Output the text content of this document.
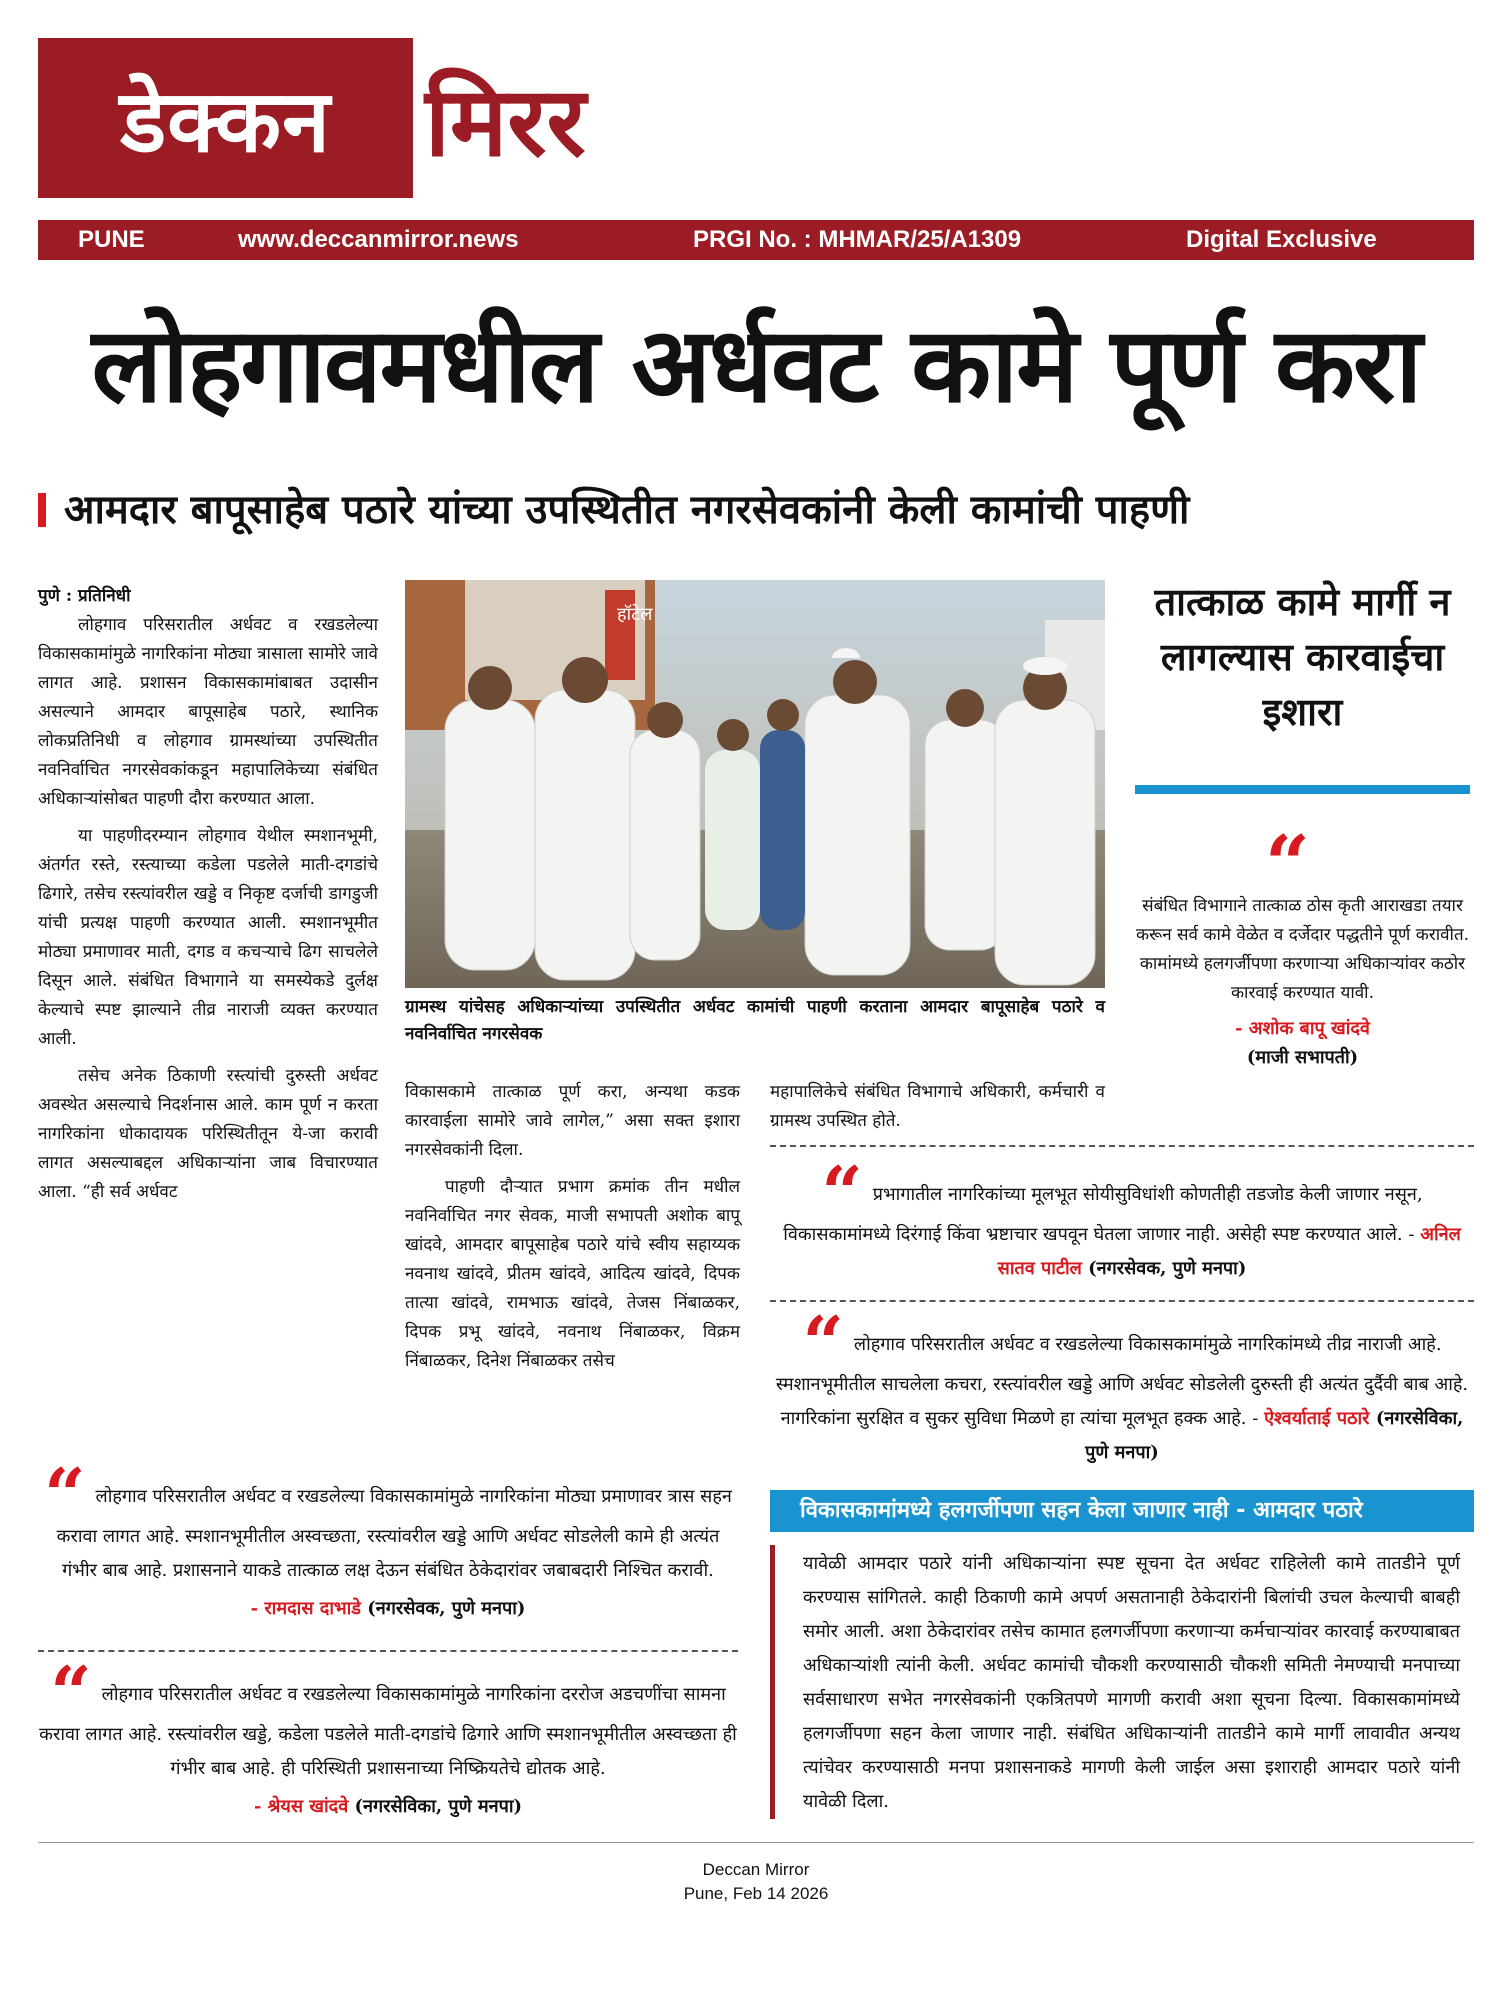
डेक्कन मिरर
PUNE	www.deccanmirror.news	PRGI No. : MHMAR/25/A1309	Digital Exclusive
लोहगावमधील अर्धवट कामे पूर्ण करा
आमदार बापूसाहेब पठारे यांच्या उपस्थितीत नगरसेवकांनी केली कामांची पाहणी
पुणे : प्रतिनिधी

लोहगाव परिसरातील अर्धवट व रखडलेल्या विकासकामांमुळे नागरिकांना मोठ्या त्रासाला सामोरे जावे लागत आहे. प्रशासन विकासकामांबाबत उदासीन असल्याने आमदार बापूसाहेब पठारे, स्थानिक लोकप्रतिनिधी व लोहगाव ग्रामस्थांच्या उपस्थितीत नवनिर्वाचित नगरसेवकांकडून महापालिकेच्या संबंधित अधिकाऱ्यांसोबत पाहणी दौरा करण्यात आला.

या पाहणीदरम्यान लोहगाव येथील स्मशानभूमी, अंतर्गत रस्ते, रस्त्याच्या कडेला पडलेले माती-दगडांचे ढिगारे, तसेच रस्त्यांवरील खड्डे व निकृष्ट दर्जाची डागडुजी यांची प्रत्यक्ष पाहणी करण्यात आली. स्मशानभूमीत मोठ्या प्रमाणावर माती, दगड व कचऱ्याचे ढिग साचलेले दिसून आले. संबंधित विभागाने या समस्येकडे दुर्लक्ष केल्याचे स्पष्ट झाल्याने तीव्र नाराजी व्यक्त करण्यात आली.

तसेच अनेक ठिकाणी रस्त्यांची दुरुस्ती अर्धवट अवस्थेत असल्याचे निदर्शनास आले. काम पूर्ण न करता नागरिकांना धोकादायक परिस्थितीतून ये-जा करावी लागत असल्याबद्दल अधिकाऱ्यांना जाब विचारण्यात आला. “ही सर्व अर्धवट

हॉटेल
ग्रामस्थ यांचेसह अधिकाऱ्यांच्या उपस्थितीत अर्धवट कामांची पाहणी करताना आमदार बापूसाहेब पठारे व नवनिर्वाचित नगरसेवक
विकासकामे तात्काळ पूर्ण करा, अन्यथा कडक कारवाईला सामोरे जावे लागेल,” असा सक्त इशारा नगरसेवकांनी दिला.

पाहणी दौऱ्यात प्रभाग क्रमांक तीन मधील नवनिर्वाचित नगर सेवक, माजी सभापती अशोक बापू खांदवे, आमदार बापूसाहेब पठारे यांचे स्वीय सहाय्यक नवनाथ खांदवे, प्रीतम खांदवे, आदित्य खांदवे, दिपक तात्या खांदवे, रामभाऊ खांदवे, तेजस निंबाळकर, दिपक प्रभू खांदवे, नवनाथ निंबाळकर, विक्रम निंबाळकर, दिनेश निंबाळकर तसेच

महापालिकेचे संबंधित विभागाचे अधिकारी, कर्मचारी व ग्रामस्थ उपस्थित होते.
तात्काळ कामे मार्गी न लागल्यास कारवाईचा इशारा
“
संबंधित विभागाने तात्काळ ठोस कृती आराखडा तयार करून सर्व कामे वेळेत व दर्जेदार पद्धतीने पूर्ण करावीत. कामांमध्ये हलगर्जीपणा करणाऱ्या अधिकाऱ्यांवर कठोर कारवाई करण्यात यावी.
- अशोक बापू खांदवे
(माजी सभापती)
“ प्रभागातील नागरिकांच्या मूलभूत सोयीसुविधांशी कोणतीही तडजोड केली जाणार नसून, विकासकामांमध्ये दिरंगाई किंवा भ्रष्टाचार खपवून घेतला जाणार नाही. असेही स्पष्ट करण्यात आले. - अनिल सातव पाटील (नगरसेवक, पुणे मनपा)
“ लोहगाव परिसरातील अर्धवट व रखडलेल्या विकासकामांमुळे नागरिकांमध्ये तीव्र नाराजी आहे. स्मशानभूमीतील साचलेला कचरा, रस्त्यांवरील खड्डे आणि अर्धवट सोडलेली दुरुस्ती ही अत्यंत दुर्दैवी बाब आहे. नागरिकांना सुरक्षित व सुकर सुविधा मिळणे हा त्यांचा मूलभूत हक्क आहे. - ऐश्वर्याताई पठारे (नगरसेविका, पुणे मनपा)
“ लोहगाव परिसरातील अर्धवट व रखडलेल्या विकासकामांमुळे नागरिकांना मोठ्या प्रमाणावर त्रास सहन करावा लागत आहे. स्मशानभूमीतील अस्वच्छता, रस्त्यांवरील खड्डे आणि अर्धवट सोडलेली कामे ही अत्यंत गंभीर बाब आहे. प्रशासनाने याकडे तात्काळ लक्ष देऊन संबंधित ठेकेदारांवर जबाबदारी निश्चित करावी.
- रामदास दाभाडे (नगरसेवक, पुणे मनपा)
“ लोहगाव परिसरातील अर्धवट व रखडलेल्या विकासकामांमुळे नागरिकांना दररोज अडचणींचा सामना करावा लागत आहे. रस्त्यांवरील खड्डे, कडेला पडलेले माती-दगडांचे ढिगारे आणि स्मशानभूमीतील अस्वच्छता ही गंभीर बाब आहे. ही परिस्थिती प्रशासनाच्या निष्क्रियतेचे द्योतक आहे.
- श्रेयस खांदवे (नगरसेविका, पुणे मनपा)
विकासकामांमध्ये हलगर्जीपणा सहन केला जाणार नाही - आमदार पठारे
यावेळी आमदार पठारे यांनी अधिकाऱ्यांना स्पष्ट सूचना देत अर्धवट राहिलेली कामे तातडीने पूर्ण करण्यास सांगितले. काही ठिकाणी कामे अपर्ण असतानाही ठेकेदारांनी बिलांची उचल केल्याची बाबही समोर आली. अशा ठेकेदारांवर तसेच कामात हलगर्जीपणा करणाऱ्या कर्मचाऱ्यांवर कारवाई करण्याबाबत अधिकाऱ्यांशी त्यांनी केली. अर्धवट कामांची चौकशी करण्यासाठी चौकशी समिती नेमण्याची मनपाच्या सर्वसाधारण सभेत नगरसेवकांनी एकत्रितपणे मागणी करावी अशा सूचना दिल्या. विकासकामांमध्ये हलगर्जीपणा सहन केला जाणार नाही. संबंधित अधिकाऱ्यांनी तातडीने कामे मार्गी लावावीत अन्यथ त्यांचेवर करण्यासाठी मनपा प्रशासनाकडे मागणी केली जाईल असा इशाराही आमदार पठारे यांनी यावेळी दिला.
Deccan Mirror
Pune, Feb 14 2026
